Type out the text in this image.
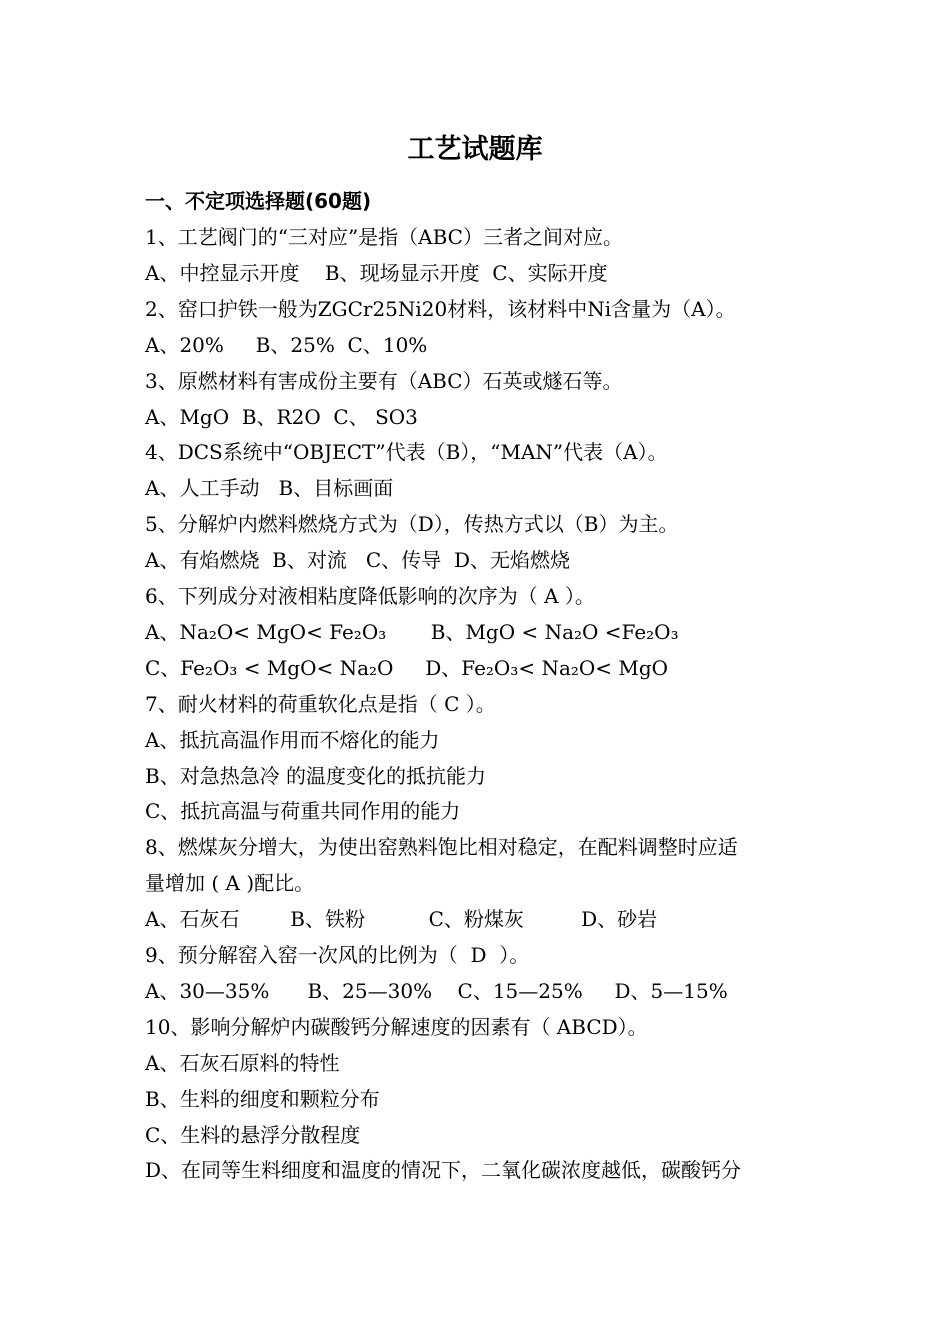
工艺试题库
一、不定项选择题(60题)
1、工艺阀门的“三对应”是指（ABC）三者之间对应。
A、中控显示开度    B、现场显示开度  C、实际开度
2、窑口护铁一般为ZGCr25Ni20材料，该材料中Ni含量为（A）。
A、20%     B、25%  C、10%
3、原燃材料有害成份主要有（ABC）石英或燧石等。
A、MgO  B、R2O  C、 SO3
4、DCS系统中“OBJECT”代表（B），“MAN”代表（A）。
A、人工手动   B、目标画面
5、分解炉内燃料燃烧方式为（D），传热方式以（B）为主。
A、有焰燃烧  B、对流   C、传导  D、无焰燃烧
6、下列成分对液相粘度降低影响的次序为（ A ）。
A、Na₂O< MgO< Fe₂O₃       B、MgO < Na₂O <Fe₂O₃
C、Fe₂O₃ < MgO< Na₂O     D、Fe₂O₃< Na₂O< MgO
7、耐火材料的荷重软化点是指（ C ）。
A、抵抗高温作用而不熔化的能力
B、对急热急冷 的温度变化的抵抗能力
C、抵抗高温与荷重共同作用的能力
8、燃煤灰分增大，为使出窑熟料饱比相对稳定，在配料调整时应适
量增加 ( A )配比。
A、石灰石        B、铁粉          C、粉煤灰         D、砂岩
9、预分解窑入窑一次风的比例为（  D  ）。
A、30—35%      B、25—30%    C、15—25%     D、5—15%
10、影响分解炉内碳酸钙分解速度的因素有（ ABCD）。
A、石灰石原料的特性
B、生料的细度和颗粒分布
C、生料的悬浮分散程度
D、在同等生料细度和温度的情况下，二氧化碳浓度越低，碳酸钙分
